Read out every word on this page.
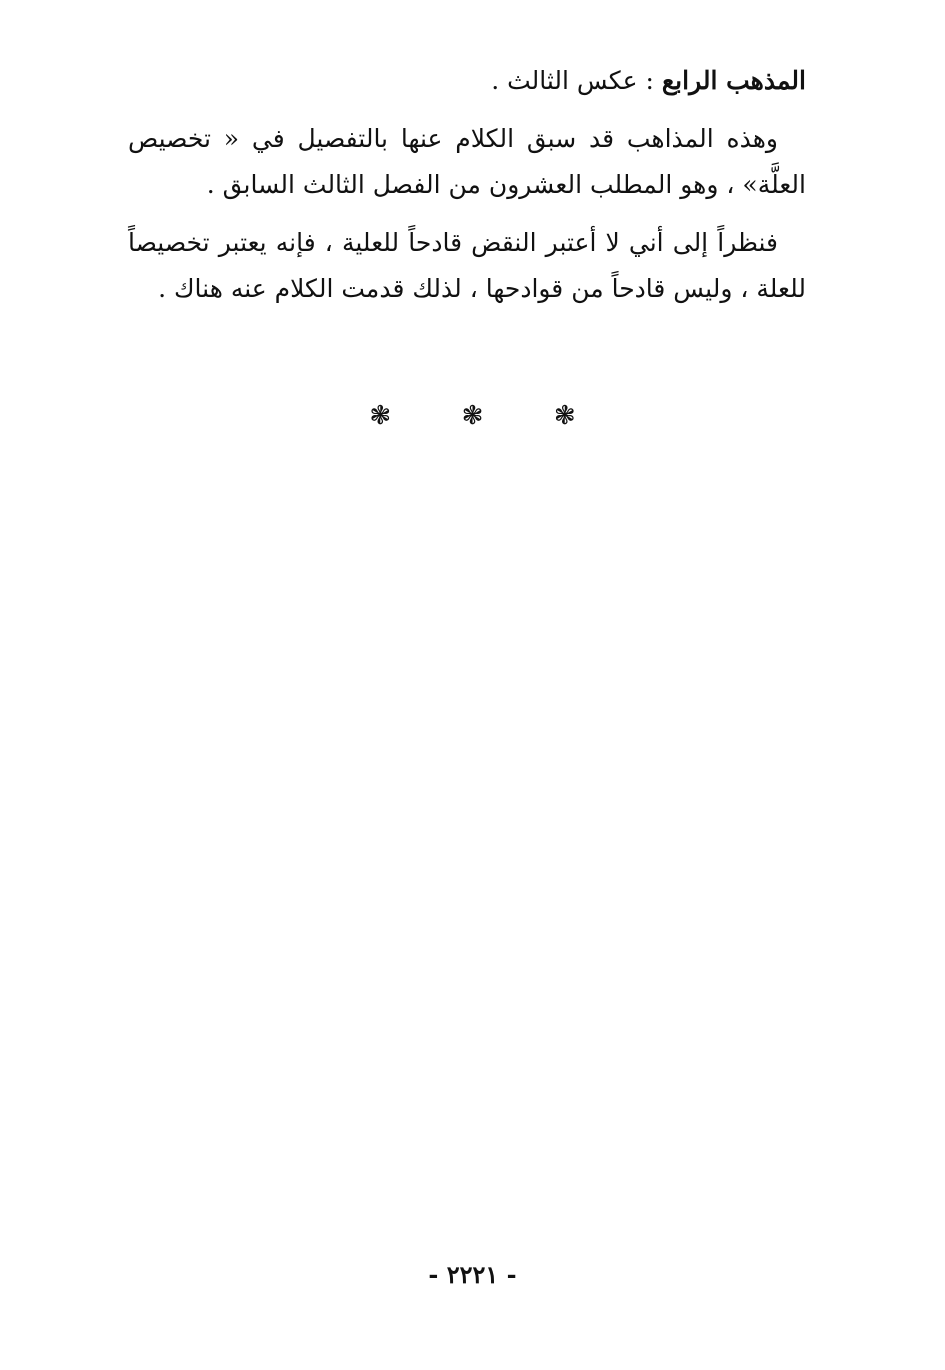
المذهب الرابع : عكس الثالث .

وهذه المذاهب قد سبق الكلام عنها بالتفصيل في « تخصيص العلَّة» ، وهو المطلب العشرون من الفصل الثالث السابق .

فنظراً إلى أني لا أعتبر النقض قادحاً للعلية ، فإنه يعتبر تخصيصاً للعلة ، وليس قادحاً من قوادحها ، لذلك قدمت الكلام عنه هناك .

❃	❃	❃
- ٢٢٢١ -
